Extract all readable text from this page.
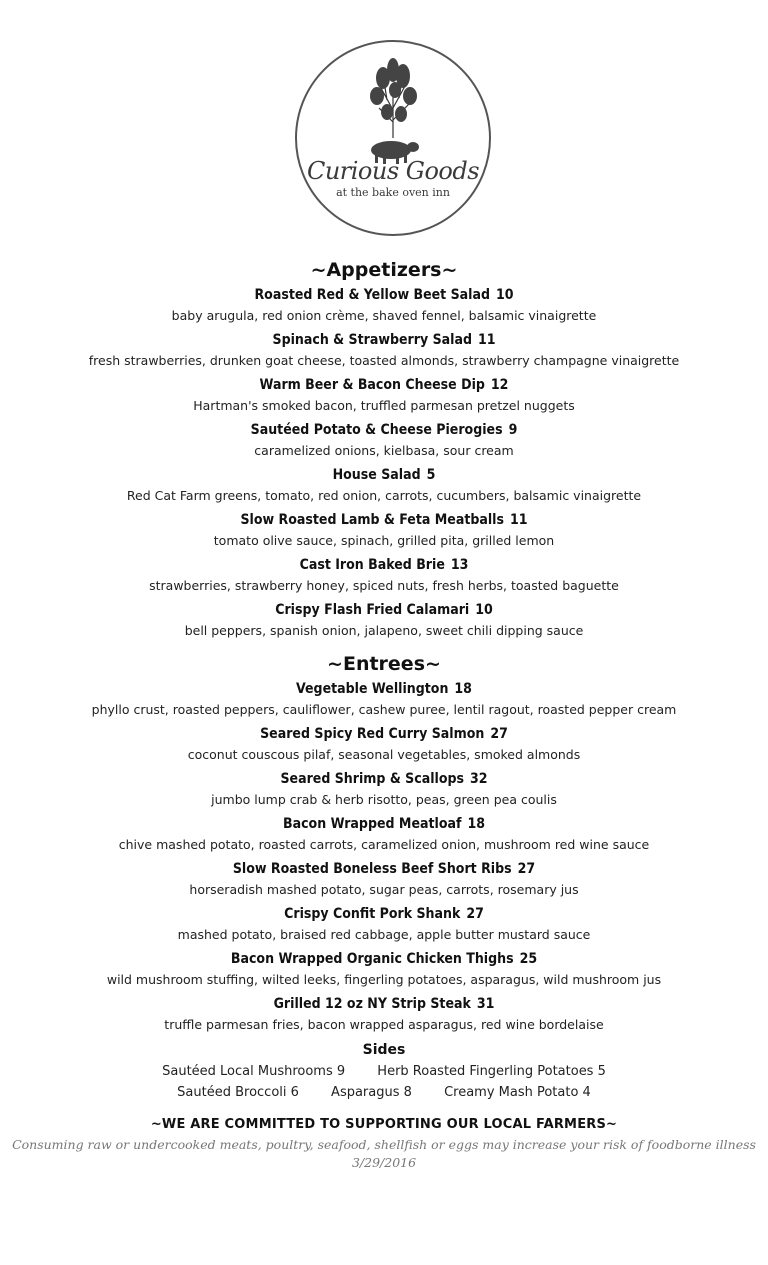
Curious Goods
at the bake oven inn
~Appetizers~
Roasted Red & Yellow Beet Salad 10
baby arugula, red onion crème, shaved fennel, balsamic vinaigrette
Spinach & Strawberry Salad 11
fresh strawberries, drunken goat cheese, toasted almonds, strawberry champagne vinaigrette
Warm Beer & Bacon Cheese Dip 12
Hartman's smoked bacon, truffled parmesan pretzel nuggets
Sautéed Potato & Cheese Pierogies 9
caramelized onions, kielbasa, sour cream
House Salad 5
Red Cat Farm greens, tomato, red onion, carrots, cucumbers, balsamic vinaigrette
Slow Roasted Lamb & Feta Meatballs 11
tomato olive sauce, spinach, grilled pita, grilled lemon
Cast Iron Baked Brie 13
strawberries, strawberry honey, spiced nuts, fresh herbs, toasted baguette
Crispy Flash Fried Calamari 10
bell peppers, spanish onion, jalapeno, sweet chili dipping sauce
~Entrees~
Vegetable Wellington 18
phyllo crust, roasted peppers, cauliflower, cashew puree, lentil ragout, roasted pepper cream
Seared Spicy Red Curry Salmon 27
coconut couscous pilaf, seasonal vegetables, smoked almonds
Seared Shrimp & Scallops 32
jumbo lump crab & herb risotto, peas, green pea coulis
Bacon Wrapped Meatloaf 18
chive mashed potato, roasted carrots, caramelized onion, mushroom red wine sauce
Slow Roasted Boneless Beef Short Ribs 27
horseradish mashed potato, sugar peas, carrots, rosemary jus
Crispy Confit Pork Shank 27
mashed potato, braised red cabbage, apple butter mustard sauce
Bacon Wrapped Organic Chicken Thighs 25
wild mushroom stuffing, wilted leeks, fingerling potatoes, asparagus, wild mushroom jus
Grilled 12 oz NY Strip Steak 31
truffle parmesan fries, bacon wrapped asparagus, red wine bordelaise
Sides
Sautéed Local Mushrooms 9 Herb Roasted Fingerling Potatoes 5
Sautéed Broccoli 6 Asparagus 8 Creamy Mash Potato 4
~WE ARE COMMITTED TO SUPPORTING OUR LOCAL FARMERS~
Consuming raw or undercooked meats, poultry, seafood, shellfish or eggs may increase your risk of foodborne illness
3/29/2016
